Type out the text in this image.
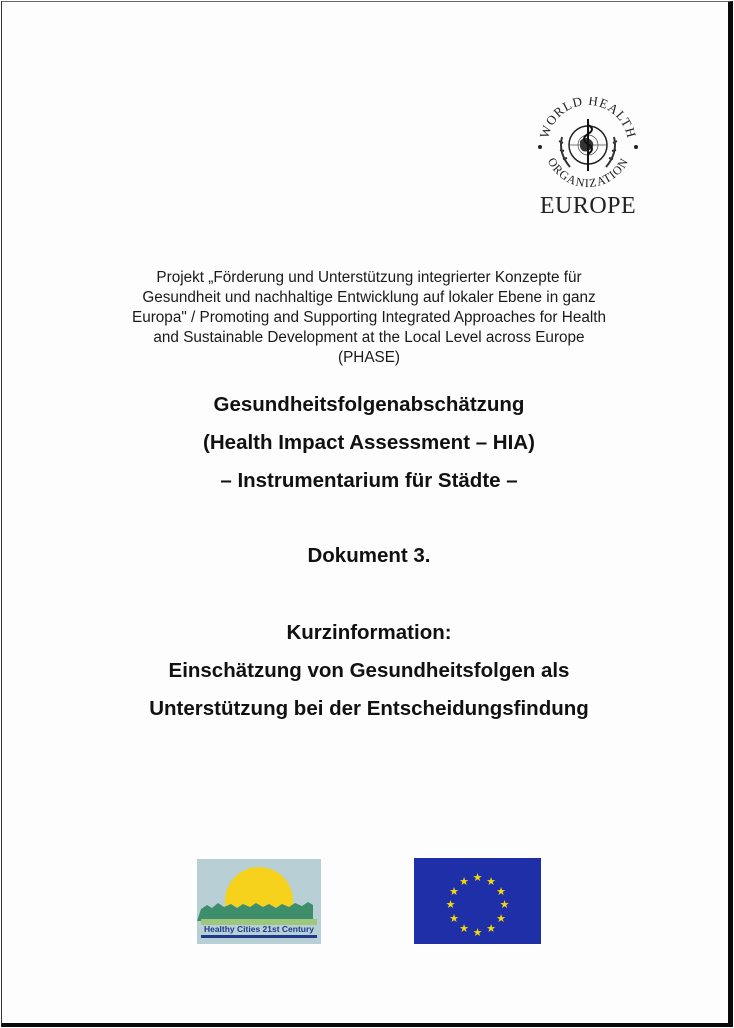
WORLD HEALTH
ORGANIZATION
EUROPE
Projekt „Förderung und Unterstützung integrierter Konzepte für
Gesundheit und nachhaltige Entwicklung auf lokaler Ebene in ganz
Europa" / Promoting and Supporting Integrated Approaches for Health
and Sustainable Development at the Local Level across Europe
(PHASE)
Gesundheitsfolgenabschätzung
(Health Impact Assessment – HIA)
– Instrumentarium für Städte –
Dokument 3.
Kurzinformation:
Einschätzung von Gesundheitsfolgen als
Unterstützung bei der Entscheidungsfindung
Healthy Cities 21st Century
★ ★
★
★
★
★
★
★
★
★
★
★
